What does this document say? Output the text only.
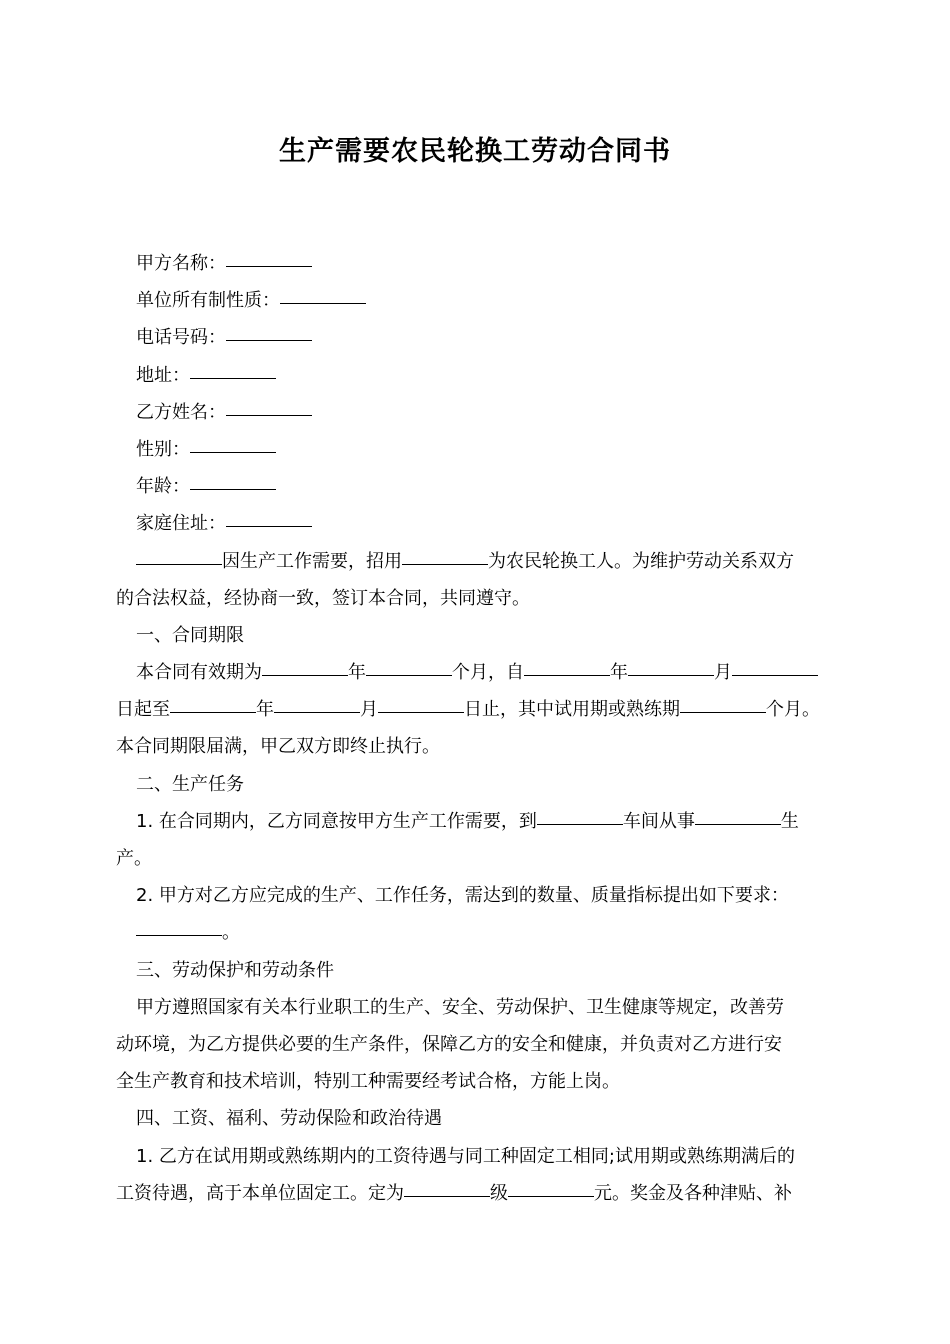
生产需要农民轮换工劳动合同书
甲方名称：
单位所有制性质：
电话号码：
地址：
乙方姓名：
性别：
年龄：
家庭住址：
因生产工作需要，招用	为农民轮换工人。为维护劳动关系双方
的合法权益，经协商一致，签订本合同，共同遵守。
一、合同期限
本合同有效期为	年	个月，自	年	月
日起至	年	月	日止，其中试用期或熟练期	个月。
本合同期限届满，甲乙双方即终止执行。
二、生产任务
1. 在合同期内，乙方同意按甲方生产工作需要，到	车间从事	生
产。
2. 甲方对乙方应完成的生产、工作任务，需达到的数量、质量指标提出如下要求：
。
三、劳动保护和劳动条件
甲方遵照国家有关本行业职工的生产、安全、劳动保护、卫生健康等规定，改善劳
动环境，为乙方提供必要的生产条件，保障乙方的安全和健康，并负责对乙方进行安
全生产教育和技术培训，特别工种需要经考试合格，方能上岗。
四、工资、福利、劳动保险和政治待遇
1. 乙方在试用期或熟练期内的工资待遇与同工种固定工相同;试用期或熟练期满后的
工资待遇，高于本单位固定工。定为	级	元。奖金及各种津贴、补
